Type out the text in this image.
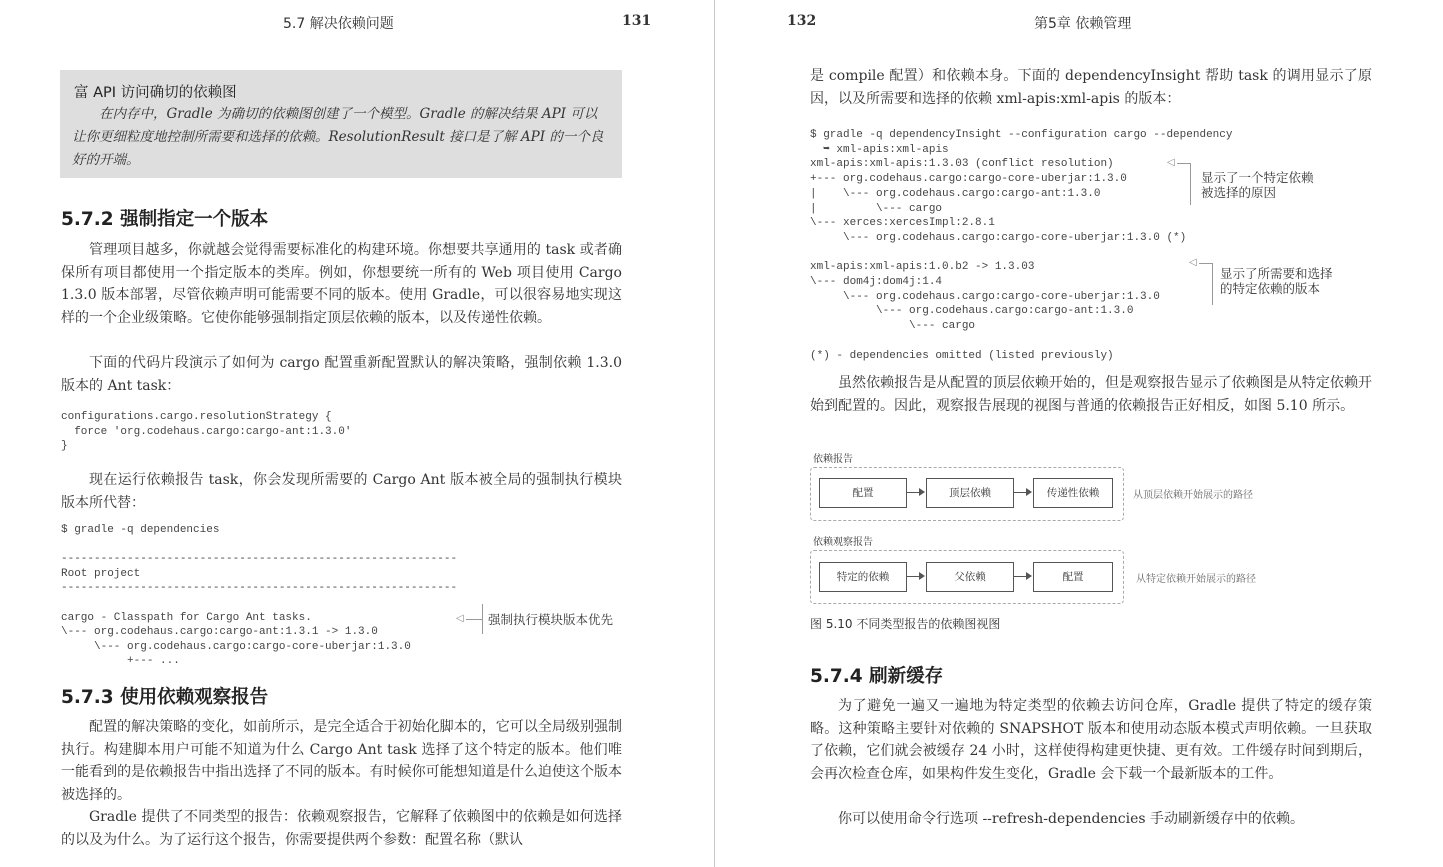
5.7 解决依赖问题	131

富 API 访问确切的依赖图

在内存中，Gradle 为确切的依赖图创建了一个模型。Gradle 的解决结果 API 可以让你更细粒度地控制所需要和选择的依赖。ResolutionResult 接口是了解 API 的一个良好的开端。

5.7.2 强制指定一个版本

管理项目越多，你就越会觉得需要标准化的构建环境。你想要共享通用的 task 或者确保所有项目都使用一个指定版本的类库。例如，你想要统一所有的 Web 项目使用 Cargo 1.3.0 版本部署，尽管依赖声明可能需要不同的版本。使用 Gradle，可以很容易地实现这样的一个企业级策略。它使你能够强制指定顶层依赖的版本，以及传递性依赖。

下面的代码片段演示了如何为 cargo 配置重新配置默认的解决策略，强制依赖 1.3.0 版本的 Ant task：

configurations.cargo.resolutionStrategy {
force 'org.codehaus.cargo:cargo-ant:1.3.0'
}

现在运行依赖报告 task，你会发现所需要的 Cargo Ant 版本被全局的强制执行模块版本所代替：

$ gradle -q dependencies

------------------------------------------------------------
Root project
------------------------------------------------------------

cargo - Classpath for Cargo Ant tasks.
\--- org.codehaus.cargo:cargo-ant:1.3.1 -> 1.3.0
\--- org.codehaus.cargo:cargo-core-uberjar:1.3.0
+--- ...
◁ 强制执行模块版本优先
5.7.3 使用依赖观察报告

配置的解决策略的变化，如前所示，是完全适合于初始化脚本的，它可以全局级别强制执行。构建脚本用户可能不知道为什么 Cargo Ant task 选择了这个特定的版本。他们唯一能看到的是依赖报告中指出选择了不同的版本。有时候你可能想知道是什么迫使这个版本被选择的。

Gradle 提供了不同类型的报告：依赖观察报告，它解释了依赖图中的依赖是如何选择的以及为什么。为了运行这个报告，你需要提供两个参数：配置名称（默认

132	第5章 依赖管理

是 compile 配置）和依赖本身。下面的 dependencyInsight 帮助 task 的调用显示了原因，以及所需要和选择的依赖 xml-apis:xml-apis 的版本：

$ gradle -q dependencyInsight --configuration cargo --dependency
➥ xml-apis:xml-apis
xml-apis:xml-apis:1.3.03 (conflict resolution)
+--- org.codehaus.cargo:cargo-core-uberjar:1.3.0
|    \--- org.codehaus.cargo:cargo-ant:1.3.0
|         \--- cargo
\--- xerces:xercesImpl:2.8.1
\--- org.codehaus.cargo:cargo-core-uberjar:1.3.0 (*)

xml-apis:xml-apis:1.0.b2 -> 1.3.03
\--- dom4j:dom4j:1.4
\--- org.codehaus.cargo:cargo-core-uberjar:1.3.0
\--- org.codehaus.cargo:cargo-ant:1.3.0
\--- cargo

(*) - dependencies omitted (listed previously)
◁
显示了一个特定依赖
被选择的原因
◁
显示了所需要和选择
的特定依赖的版本

虽然依赖报告是从配置的顶层依赖开始的，但是观察报告显示了依赖图是从特定依赖开始到配置的。因此，观察报告展现的视图与普通的依赖报告正好相反，如图 5.10 所示。

依赖报告
配置	顶层依赖	传递性依赖	从顶层依赖开始展示的路径
依赖观察报告
特定的依赖	父依赖	配置	从特定依赖开始展示的路径
图 5.10 不同类型报告的依赖图视图
5.7.4 刷新缓存

为了避免一遍又一遍地为特定类型的依赖去访问仓库，Gradle 提供了特定的缓存策略。这种策略主要针对依赖的 SNAPSHOT 版本和使用动态版本模式声明依赖。一旦获取了依赖，它们就会被缓存 24 小时，这样使得构建更快捷、更有效。工件缓存时间到期后，会再次检查仓库，如果构件发生变化，Gradle 会下载一个最新版本的工件。

你可以使用命令行选项 --refresh-dependencies 手动刷新缓存中的依赖。
